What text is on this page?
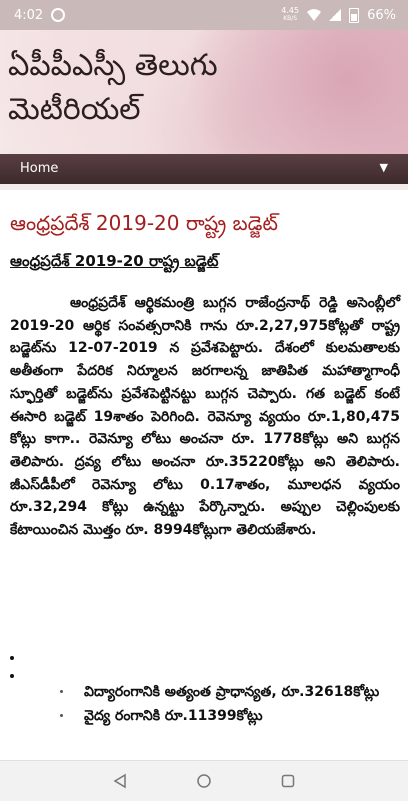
4:02	4.45
KB/S	66%
ఏపీపీఎస్సీ తెలుగు మెటీరియల్
Home	▼
ఆంధ్రప్రదేశ్ 2019-20 రాష్ట్ర బడ్జెట్
ఆంధ్రప్రదేశ్ 2019-20 రాష్ట్ర బడ్జెట్

ఆంధ్రప్రదేశ్ ఆర్థికమంత్రి బుగ్గన రాజేంద్రనాథ్ రెడ్డి అసెంబ్లీలో 2019-20 ఆర్థిక సంవత్సరానికి గాను రూ.2,27,975కోట్లతో రాష్ట్ర బడ్జెట్‌ను 12-07-2019 న ప్రవేశపెట్టారు. దేశంలో కులమతాలకు అతీతంగా పేదరిక నిర్మూలన జరగాలన్న జాతిపిత మహాత్మాగాంధీ స్ఫూర్తితో బడ్జెట్‌ను ప్రవేశపెట్టినట్టు బుగ్గన చెప్పారు. గత బడ్జెట్ కంటే ఈసారి బడ్జెట్ 19శాతం పెరిగింది. రెవెన్యూ వ్యయం రూ.1,80,475 కోట్లు కాగా.. రెవెన్యూ లోటు అంచనా రూ. 1778కోట్లు అని బుగ్గన తెలిపారు. ద్రవ్య లోటు అంచనా రూ.35220కోట్లు అని తెలిపారు. జీఎస్‌డీపీలో రెవెన్యూ లోటు 0.17శాతం, మూలధన వ్యయం రూ.32,294 కోట్లు ఉన్నట్టు పేర్కొన్నారు. అప్పుల చెల్లింపులకు కేటాయించిన మొత్తం రూ. 8994కోట్లుగా తెలియజేశారు.

విద్యారంగానికి అత్యంత ప్రాధాన్యత, రూ.32618కోట్లు
వైద్య రంగానికి రూ.11399కోట్లు
